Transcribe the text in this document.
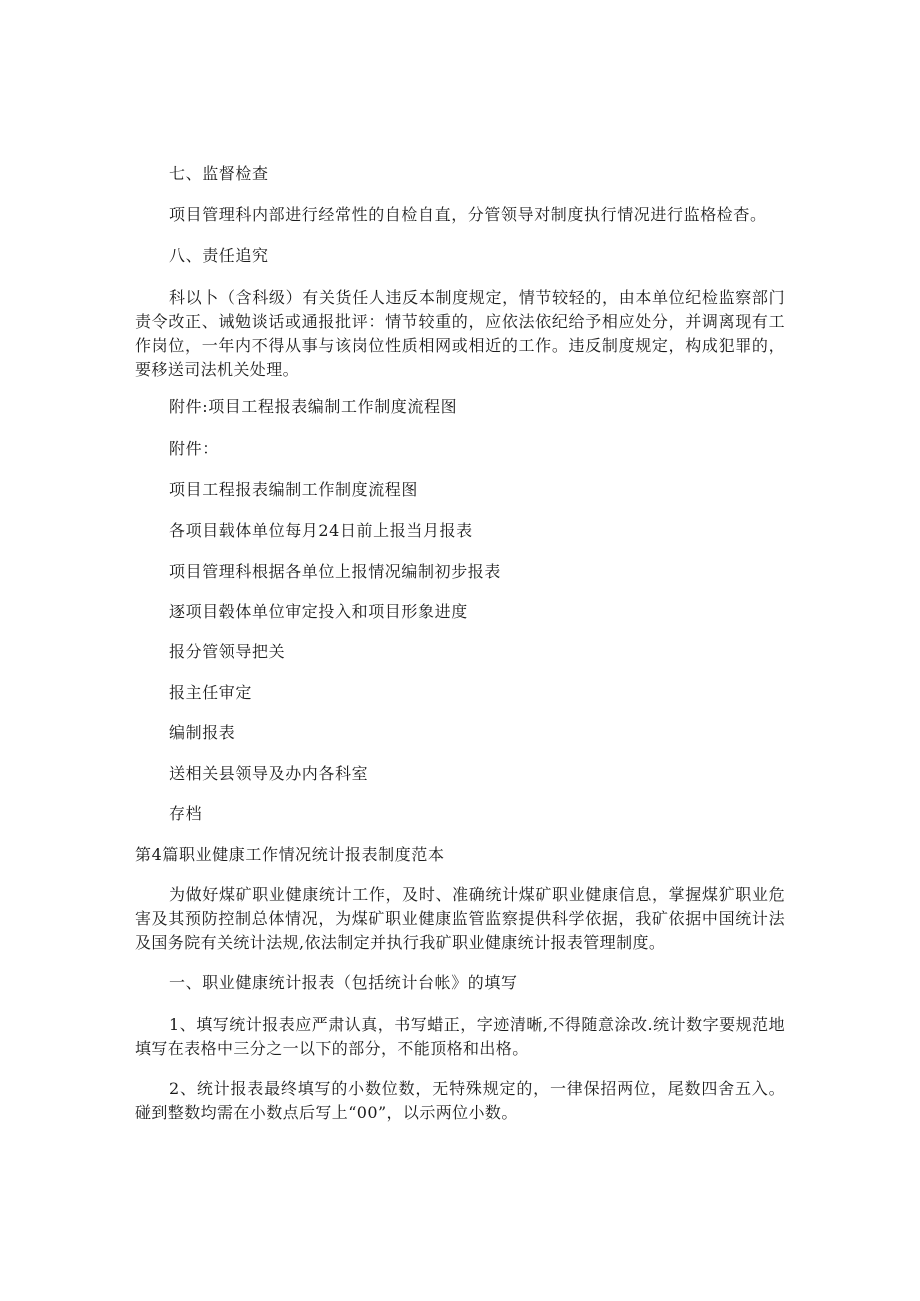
七、监督检查
项目管理科内部进行经常性的自检自直，分管领导对制度执行情况进行监格检杳。
八、责任追究
科以卜（含科级）有关货任人违反本制度规定，情节较轻的，由本单位纪检监察部门责令改正、诫勉谈话或通报批评：情节较重的，应依法依纪给予相应处分，并调离现有工作岗位，一年内不得从事与该岗位性质相网或相近的工作。违反制度规定，构成犯罪的，要移送司法机关处理。
附件:项目工程报表编制工作制度流程图
附件：
项目工程报表编制工作制度流程图
各项目载体单位每月24日前上报当月报表
项目管理科根据各单位上报情况编制初步报表
逐项目毂体单位审定投入和项目形象进度
报分管领导把关
报主任审定
编制报表
送相关县领导及办内各科室
存档
第4篇职业健康工作情况统计报表制度范本
为做好煤矿职业健康统计工作，及时、准确统计煤矿职业健康信息，掌握煤犷职业危害及其预防控制总体情况，为煤矿职业健康监管监察提供科学依据，我矿依据中国统计法及国务院有关统计法规,依法制定并执行我矿职业健康统计报表管理制度。
一、职业健康统计报表（包括统计台帐》的填写
1、填写统计报表应严肃认真，书写蜡正，字迹清晰,不得随意涂改.统计数字要规范地填写在表格中三分之一以下的部分，不能顶格和出格。
2、统计报表最终填写的小数位数，无特殊规定的，一律保招两位，尾数四舍五入。碰到整数均需在小数点后写上“00”，以示两位小数。
